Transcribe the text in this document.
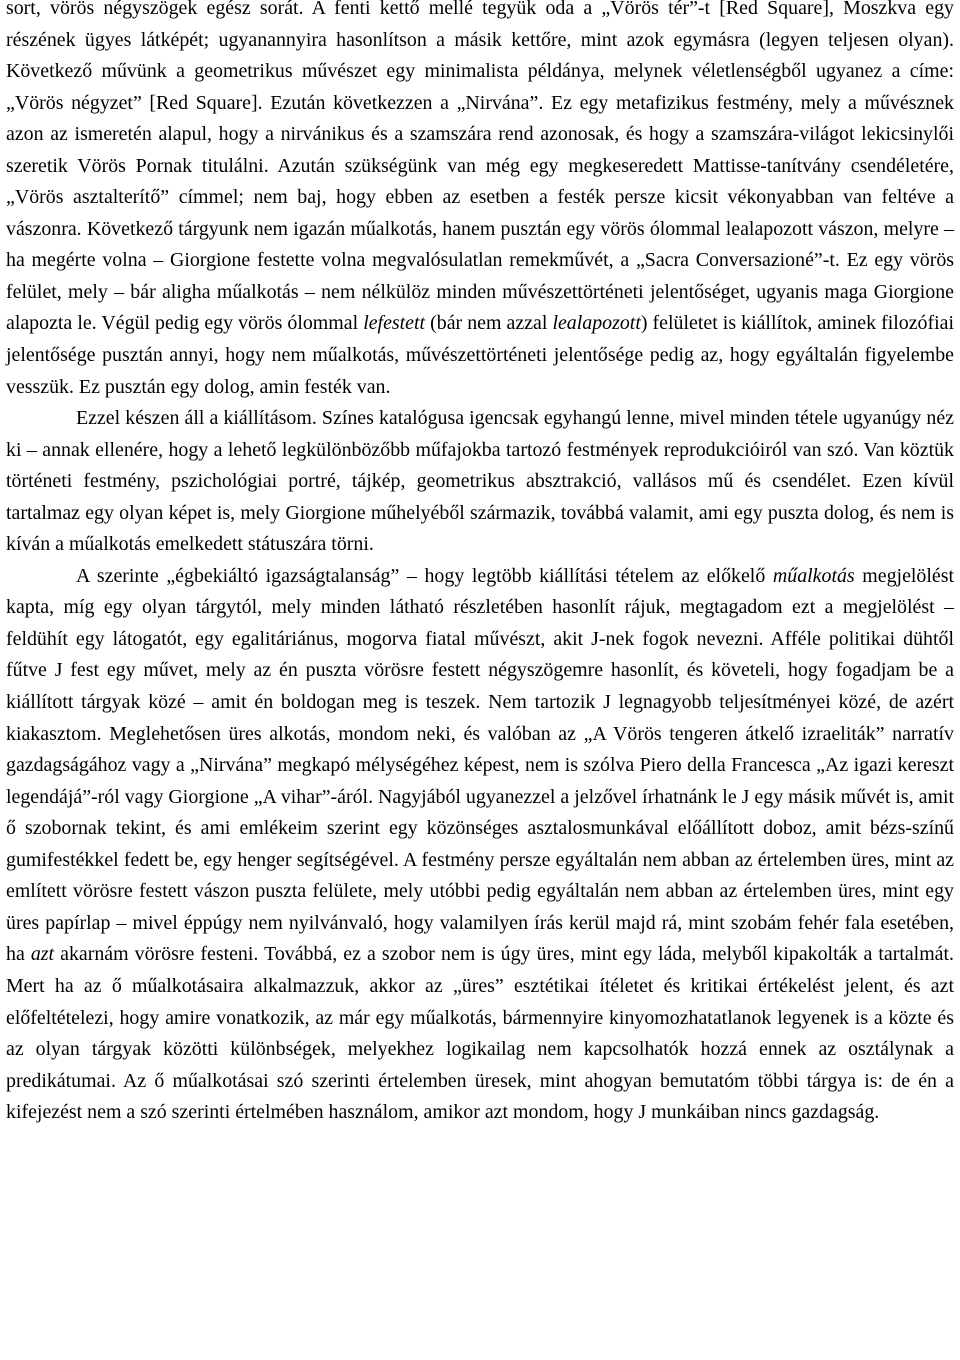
sort, vörös négyszögek egész sorát. A fenti kettő mellé tegyük oda a „Vörös tér”-t [Red Square], Moszkva egy részének ügyes látképét; ugyanannyira hasonlítson a másik kettőre, mint azok egymásra (legyen teljesen olyan). Következő művünk a geometrikus művészet egy minimalista példánya, melynek véletlenségből ugyanez a címe: „Vörös négyzet” [Red Square]. Ezután következzen a „Nirvána”. Ez egy metafizikus festmény, mely a művésznek azon az ismeretén alapul, hogy a nirvánikus és a szamszára rend azonosak, és hogy a szamszára-világot lekicsinylői szeretik Vörös Pornak titulálni. Azután szükségünk van még egy megkeseredett Mattisse-tanítvány csendéletére, „Vörös asztalterítő” címmel; nem baj, hogy ebben az esetben a festék persze kicsit vékonyabban van feltéve a vászonra. Következő tárgyunk nem igazán műalkotás, hanem pusztán egy vörös ólommal lealapozott vászon, melyre – ha megérte volna – Giorgione festette volna megvalósulatlan remekművét, a „Sacra Conversazioné”-t. Ez egy vörös felület, mely – bár aligha műalkotás – nem nélkülöz minden művészettörténeti jelentőséget, ugyanis maga Giorgione alapozta le. Végül pedig egy vörös ólommal lefestett (bár nem azzal lealapozott) felületet is kiállítok, aminek filozófiai jelentősége pusztán annyi, hogy nem műalkotás, művészettörténeti jelentősége pedig az, hogy egyáltalán figyelembe vesszük. Ez pusztán egy dolog, amin festék van.

Ezzel készen áll a kiállításom. Színes katalógusa igencsak egyhangú lenne, mivel minden tétele ugyanúgy néz ki – annak ellenére, hogy a lehető legkülönbözőbb műfajokba tartozó festmények reprodukcióiról van szó. Van köztük történeti festmény, pszichológiai portré, tájkép, geometrikus absztrakció, vallásos mű és csendélet. Ezen kívül tartalmaz egy olyan képet is, mely Giorgione műhelyéből származik, továbbá valamit, ami egy puszta dolog, és nem is kíván a műalkotás emelkedett státuszára törni.

A szerinte „égbekiáltó igazságtalanság” – hogy legtöbb kiállítási tételem az előkelő műalkotás megjelölést kapta, míg egy olyan tárgytól, mely minden látható részletében hasonlít rájuk, megtagadom ezt a megjelölést – feldühít egy látogatót, egy egalitáriánus, mogorva fiatal művészt, akit J-nek fogok nevezni. Afféle politikai dühtől fűtve J fest egy művet, mely az én puszta vörösre festett négyszögemre hasonlít, és követeli, hogy fogadjam be a kiállított tárgyak közé – amit én boldogan meg is teszek. Nem tartozik J legnagyobb teljesítményei közé, de azért kiakasztom. Meglehetősen üres alkotás, mondom neki, és valóban az „A Vörös tengeren átkelő izraeliták” narratív gazdagságához vagy a „Nirvána” megkapó mélységéhez képest, nem is szólva Piero della Francesca „Az igazi kereszt legendájá”-ról vagy Giorgione „A vihar”-áról. Nagyjából ugyanezzel a jelzővel írhatnánk le J egy másik művét is, amit ő szobornak tekint, és ami emlékeim szerint egy közönséges asztalosmunkával előállított doboz, amit bézs-színű gumifestékkel fedett be, egy henger segítségével. A festmény persze egyáltalán nem abban az értelemben üres, mint az említett vörösre festett vászon puszta felülete, mely utóbbi pedig egyáltalán nem abban az értelemben üres, mint egy üres papírlap – mivel éppúgy nem nyilvánvaló, hogy valamilyen írás kerül majd rá, mint szobám fehér fala esetében, ha azt akarnám vörösre festeni. Továbbá, ez a szobor nem is úgy üres, mint egy láda, melyből kipakolták a tartalmát. Mert ha az ő műalkotásaira alkalmazzuk, akkor az „üres” esztétikai ítéletet és kritikai értékelést jelent, és azt előfeltételezi, hogy amire vonatkozik, az már egy műalkotás, bármennyire kinyomozhatatlanok legyenek is a közte és az olyan tárgyak közötti különbségek, melyekhez logikailag nem kapcsolhatók hozzá ennek az osztálynak a predikátumai. Az ő műalkotásai szó szerinti értelemben üresek, mint ahogyan bemutatóm többi tárgya is: de én a kifejezést nem a szó szerinti értelmében használom, amikor azt mondom, hogy J munkáiban nincs gazdagság.
